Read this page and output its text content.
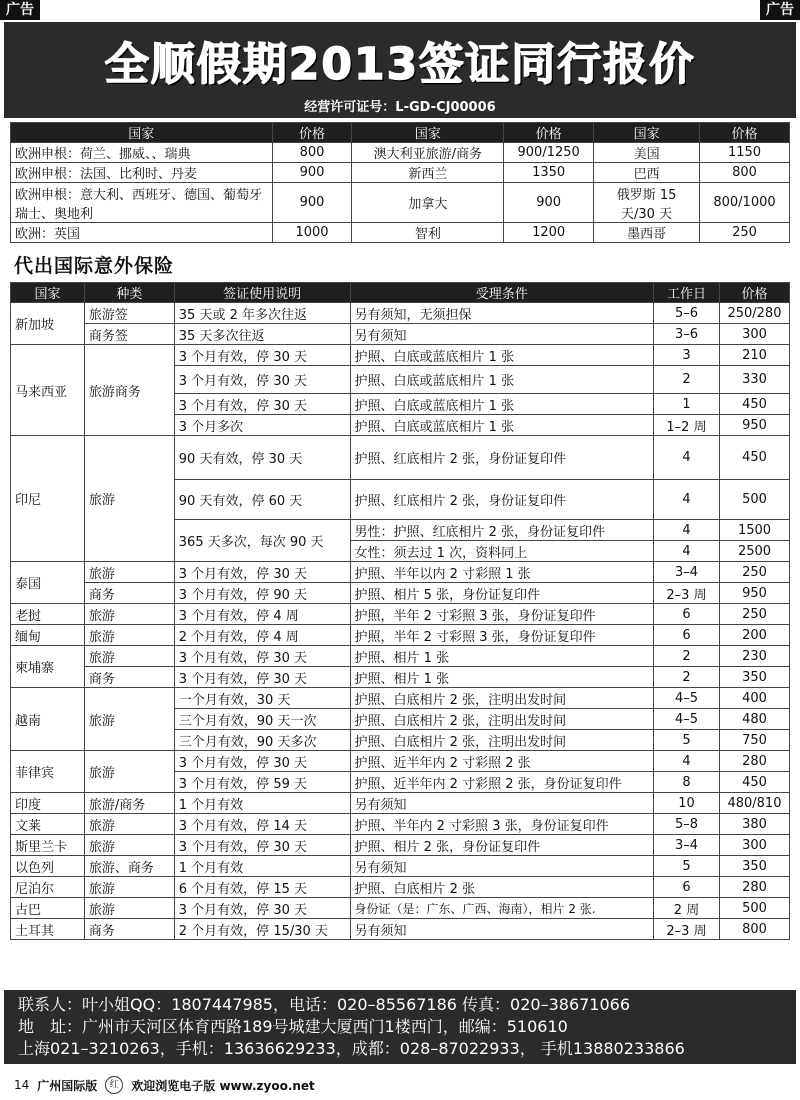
广告	广告
全顺假期2013签证同行报价
经营许可证号：L-GD-CJ00006
国家	价格	国家	价格	国家	价格
欧洲申根：荷兰、挪威、、瑞典	800	澳大利亚旅游/商务	900/1250	美国	1150
欧洲申根：法国、比利时、丹麦	900	新西兰	1350	巴西	800
欧洲申根：意大利、西班牙、德国、葡萄牙　　瑞士、奥地利	900	加拿大	900	俄罗斯 15 天/30 天	800/1000
欧洲：英国	1000	智利	1200	墨西哥	250
代出国际意外保险
国家	种类	签证使用说明	受理条件	工作日	价格
新加坡	旅游签	35 天或 2 年多次往返	另有须知，无须担保	5–6	250/280
	商务签	35 天多次往返	另有须知	3–6	300
马来西亚	旅游商务	3 个月有效，停 30 天	护照、白底或蓝底相片 1 张	3	210
		3 个月有效，停 30 天	护照、白底或蓝底相片 1 张	2	330
		3 个月有效，停 30 天	护照、白底或蓝底相片 1 张	1	450
		3 个月多次	护照、白底或蓝底相片 1 张	1–2 周	950
印尼	旅游	90 天有效，停 30 天	护照、红底相片 2 张，身份证复印件	4	450
		90 天有效，停 60 天	护照、红底相片 2 张，身份证复印件	4	500
		365 天多次，每次 90 天	男性：护照、红底相片 2 张，身份证复印件	4	1500
			女性：须去过 1 次，资料同上	4	2500
泰国	旅游	3 个月有效，停 30 天	护照、半年以内 2 寸彩照 1 张	3–4	250
	商务	3 个月有效，停 90 天	护照、相片 5 张，身份证复印件	2–3 周	950
老挝	旅游	3 个月有效，停 4 周	护照，半年 2 寸彩照 3 张，身份证复印件	6	250
缅甸	旅游	2 个月有效，停 4 周	护照，半年 2 寸彩照 3 张，身份证复印件	6	200
柬埔寨	旅游	3 个月有效，停 30 天	护照、相片 1 张	2	230
	商务	3 个月有效，停 30 天	护照、相片 1 张	2	350
越南	旅游	一个月有效，30 天	护照、白底相片 2 张，注明出发时间	4–5	400
		三个月有效，90 天一次	护照、白底相片 2 张，注明出发时间	4–5	480
		三个月有效，90 天多次	护照、白底相片 2 张，注明出发时间	5	750
菲律宾	旅游	3 个月有效，停 30 天	护照、近半年内 2 寸彩照 2 张	4	280
		3 个月有效，停 59 天	护照、近半年内 2 寸彩照 2 张，身份证复印件	8	450
印度	旅游/商务	1 个月有效	另有须知	10	480/810
文莱	旅游	3 个月有效，停 14 天	护照、半年内 2 寸彩照 3 张，身份证复印件	5–8	380
斯里兰卡	旅游	3 个月有效，停 30 天	护照、相片 2 张，身份证复印件	3–4	300
以色列	旅游、商务	1 个月有效	另有须知	5	350
尼泊尔	旅游	6 个月有效，停 15 天	护照、白底相片 2 张	6	280
古巴	旅游	3 个月有效，停 30 天	身份证（是：广东、广西、海南），相片 2 张.	2 周	500
土耳其	商务	2 个月有效，停 15/30 天	另有须知	2–3 周	800
联系人：叶小姐QQ：1807447985，电话：020–85567186 传真：020–38671066
地　址：广州市天河区体育西路189号城建大厦西门1楼西门，邮编：510610
上海021–3210263，手机：13636629233，成都：028–87022933， 手机13880233866
14 广州国际版	红	欢迎浏览电子版 www.zyoo.net
